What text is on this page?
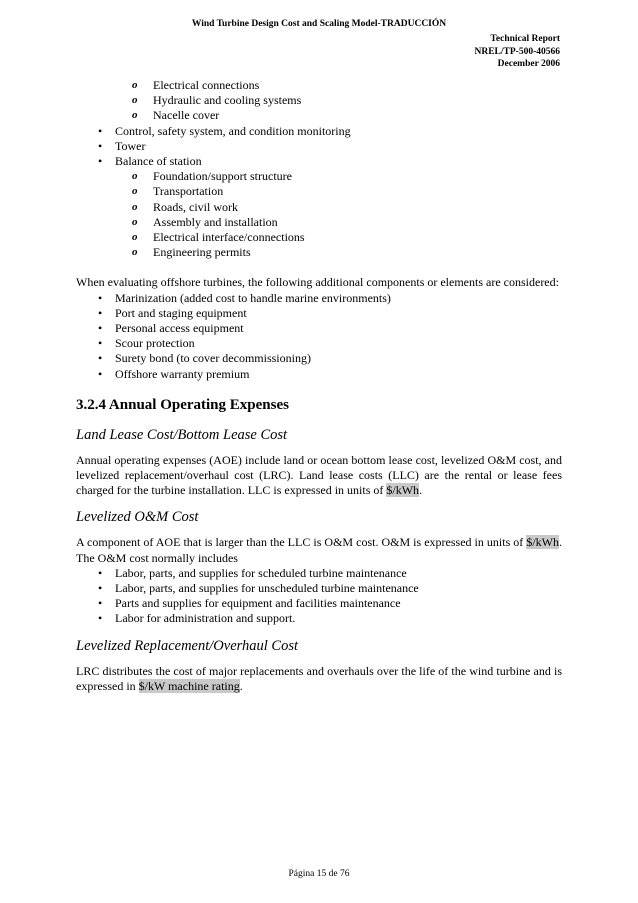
Wind Turbine Design Cost and Scaling Model-TRADUCCIÓN
Technical Report
NREL/TP-500-40566
December 2006
o Electrical connections
o Hydraulic and cooling systems
o Nacelle cover
• Control, safety system, and condition monitoring
• Tower
• Balance of station
o Foundation/support structure
o Transportation
o Roads, civil work
o Assembly and installation
o Electrical interface/connections
o Engineering permits

When evaluating offshore turbines, the following additional components or elements are considered:

• Marinization (added cost to handle marine environments)
• Port and staging equipment
• Personal access equipment
• Scour protection
• Surety bond (to cover decommissioning)
• Offshore warranty premium
3.2.4 Annual Operating Expenses
Land Lease Cost/Bottom Lease Cost

Annual operating expenses (AOE) include land or ocean bottom lease cost, levelized O&M cost, and levelized replacement/overhaul cost (LRC). Land lease costs (LLC) are the rental or lease fees charged for the turbine installation. LLC is expressed in units of $/kWh.

Levelized O&M Cost

A component of AOE that is larger than the LLC is O&M cost. O&M is expressed in units of $/kWh. The O&M cost normally includes

• Labor, parts, and supplies for scheduled turbine maintenance
• Labor, parts, and supplies for unscheduled turbine maintenance
• Parts and supplies for equipment and facilities maintenance
• Labor for administration and support.
Levelized Replacement/Overhaul Cost

LRC distributes the cost of major replacements and overhauls over the life of the wind turbine and is expressed in $/kW machine rating.

Página 15 de 76
